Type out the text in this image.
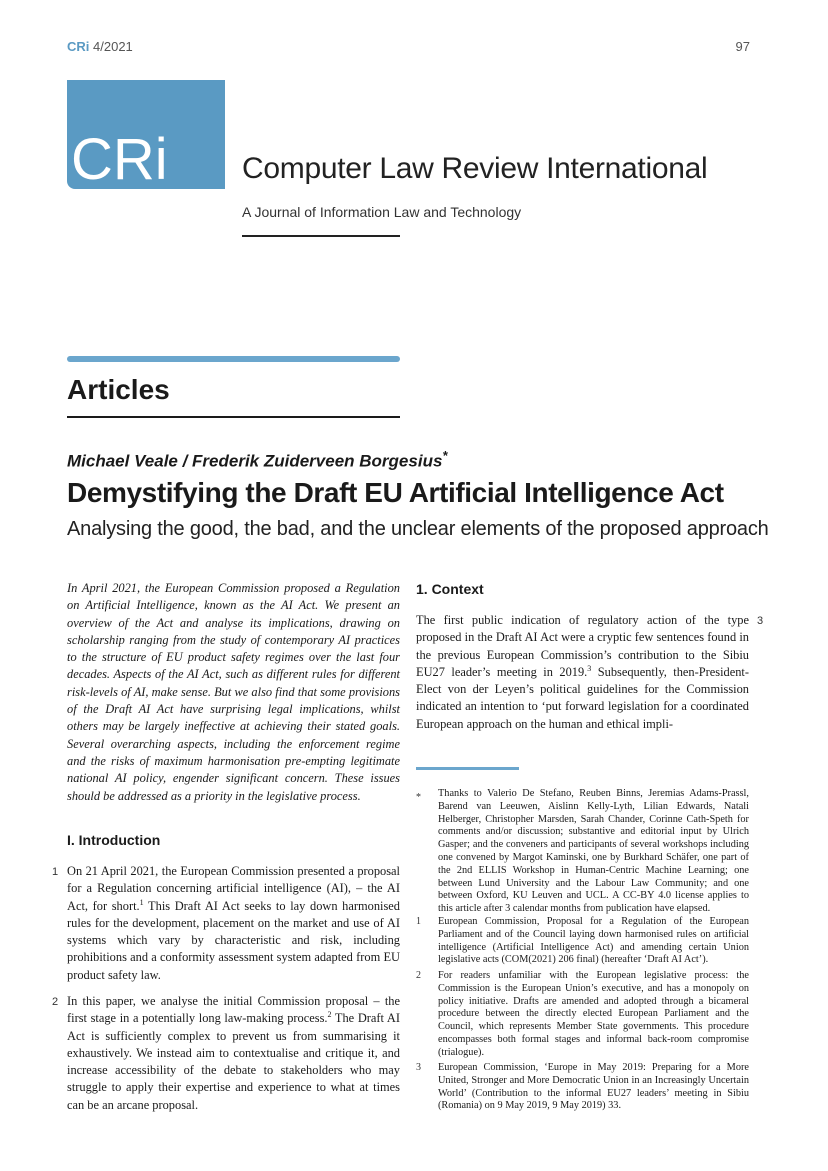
CRi 4/2021	97
CRi Computer Law Review International
A Journal of Information Law and Technology
Articles
Michael Veale / Frederik Zuiderveen Borgesius*
Demystifying the Draft EU Artificial Intelligence Act
Analysing the good, the bad, and the unclear elements of the proposed approach
In April 2021, the European Commission proposed a Regulation on Artificial Intelligence, known as the AI Act. We present an overview of the Act and analyse its implications, drawing on scholarship ranging from the study of contemporary AI practices to the structure of EU product safety regimes over the last four decades. Aspects of the AI Act, such as different rules for different risk-levels of AI, make sense. But we also find that some provisions of the Draft AI Act have surprising legal implications, whilst others may be largely ineffective at achieving their stated goals. Several overarching aspects, including the enforcement regime and the risks of maximum harmonisation pre-empting legitimate national AI policy, engender significant concern. These issues should be addressed as a priority in the legislative process.
I. Introduction
1 On 21 April 2021, the European Commission presented a proposal for a Regulation concerning artificial intelligence (AI), – the AI Act, for short.$^1$ This Draft AI Act seeks to lay down harmonised rules for the development, placement on the market and use of AI systems which vary by characteristic and risk, including prohibitions and a conformity assessment system adapted from EU product safety law.
2 In this paper, we analyse the initial Commission proposal – the first stage in a potentially long law-making process.$^2$ The Draft AI Act is sufficiently complex to prevent us from summarising it exhaustively. We instead aim to contextualise and critique it, and increase accessibility of the debate to stakeholders who may struggle to apply their expertise and experience to what at times can be an arcane proposal.
1. Context
3
The first public indication of regulatory action of the type proposed in the Draft AI Act were a cryptic few sentences found in the previous European Commission’s contribution to the Sibiu EU27 leader’s meeting in 2019.$^3$ Subsequently, then-President-Elect von der Leyen’s political guidelines for the Commission indicated an intention to ‘put forward legislation for a coordinated European approach on the human and ethical impli-
* Thanks to Valerio De Stefano, Reuben Binns, Jeremias Adams-Prassl, Barend van Leeuwen, Aislinn Kelly-Lyth, Lilian Edwards, Natali Helberger, Christopher Marsden, Sarah Chander, Corinne Cath-Speth for comments and/or discussion; substantive and editorial input by Ulrich Gasper; and the conveners and participants of several workshops including one convened by Margot Kaminski, one by Burkhard Schäfer, one part of the 2nd ELLIS Workshop in Human-Centric Machine Learning; one between Lund University and the Labour Law Community; and one between Oxford, KU Leuven and UCL. A CC-BY 4.0 license applies to this article after 3 calendar months from publication have elapsed.
1 European Commission, Proposal for a Regulation of the European Parliament and of the Council laying down harmonised rules on artificial intelligence (Artificial Intelligence Act) and amending certain Union legislative acts (COM(2021) 206 final) (hereafter ‘Draft AI Act’).
2 For readers unfamiliar with the European legislative process: the Commission is the European Union’s executive, and has a monopoly on policy initiative. Drafts are amended and adopted through a bicameral procedure between the directly elected European Parliament and the Council, which represents Member State governments. This procedure encompasses both formal stages and informal back-room compromise (trialogue).
3 European Commission, ‘Europe in May 2019: Preparing for a More United, Stronger and More Democratic Union in an Increasingly Uncertain World’ (Contribution to the informal EU27 leaders’ meeting in Sibiu (Romania) on 9 May 2019, 9 May 2019) 33.
